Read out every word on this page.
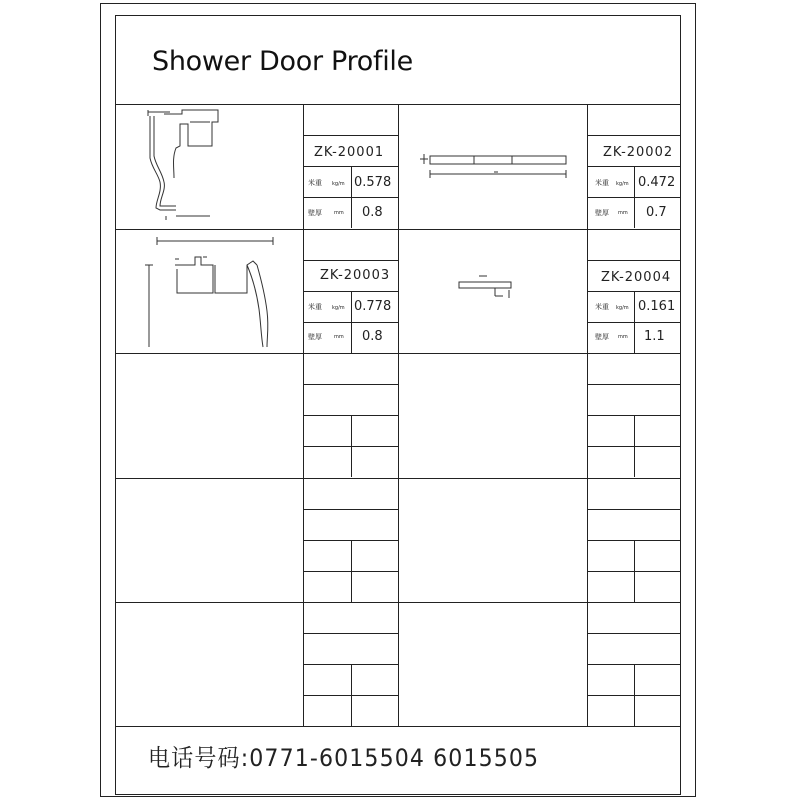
Shower Door Profile
ZK-20001
米重 kg/m 0.578
壁厚 mm 0.8
ZK-20002
米重 kg/m 0.472
壁厚 mm 0.7
ZK-20003
米重 kg/m 0.778
壁厚 mm 0.8
ZK-20004
米重 kg/m 0.161
壁厚 mm 1.1
电话号码:0771-6015504 6015505
